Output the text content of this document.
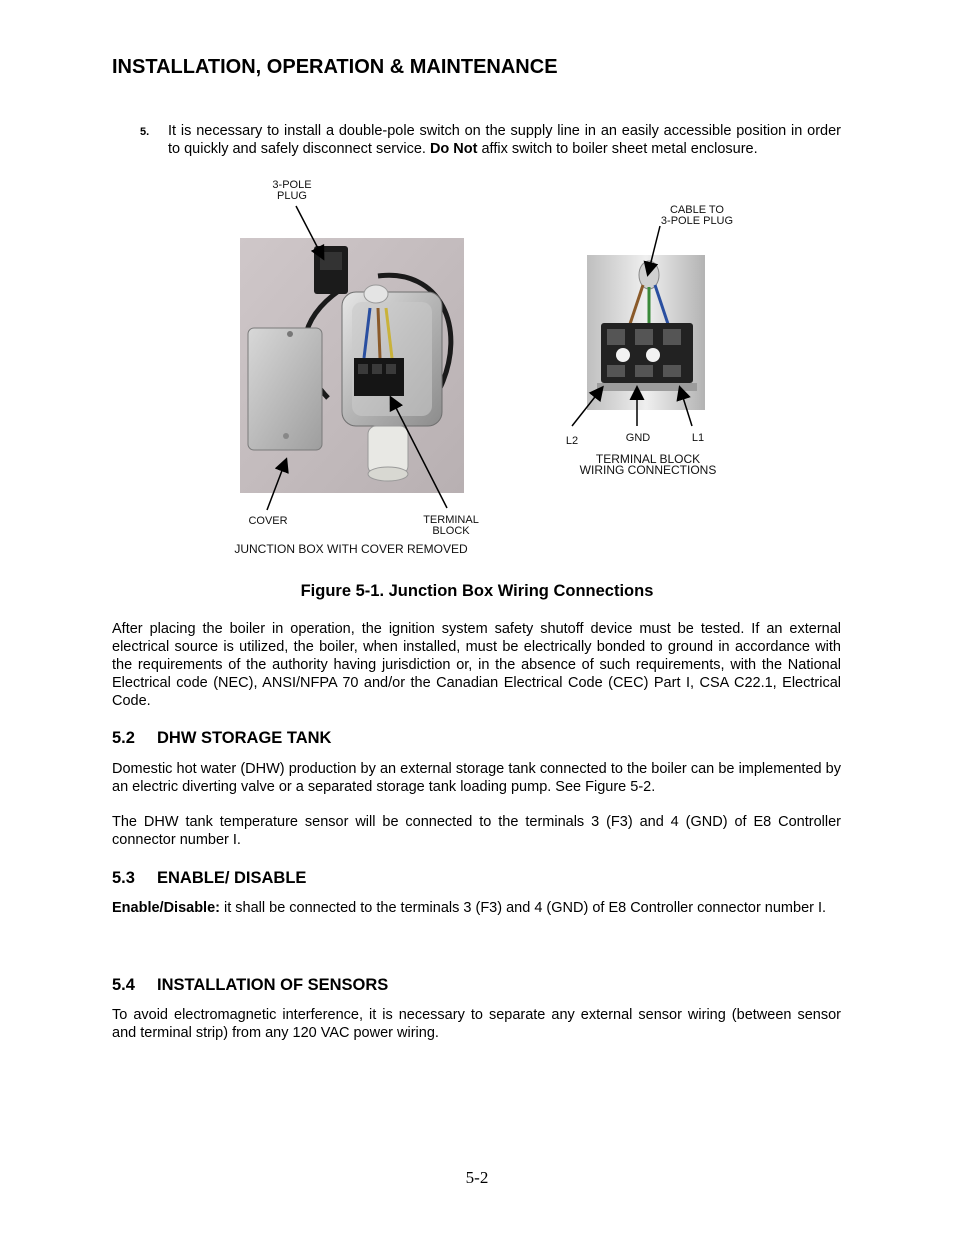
INSTALLATION, OPERATION & MAINTENANCE
5. It is necessary to install a double-pole switch on the supply line in an easily accessible position in order to quickly and safely disconnect service. Do Not affix switch to boiler sheet metal enclosure.
3-POLE
PLUG
COVER	TERMINAL
BLOCK
JUNCTION BOX WITH COVER REMOVED
CABLE TO
3-POLE PLUG
L2	GND	L1
TERMINAL BLOCK
WIRING CONNECTIONS
Figure 5-1. Junction Box Wiring Connections

After placing the boiler in operation, the ignition system safety shutoff device must be tested. If an external electrical source is utilized, the boiler, when installed, must be electrically bonded to ground in accordance with the requirements of the authority having jurisdiction or, in the absence of such requirements, with the National Electrical code (NEC), ANSI/NFPA 70 and/or the Canadian Electrical Code (CEC) Part I, CSA C22.1, Electrical Code.

5.2 DHW STORAGE TANK

Domestic hot water (DHW) production by an external storage tank connected to the boiler can be implemented by an electric diverting valve or a separated storage tank loading pump. See Figure 5-2.

The DHW tank temperature sensor will be connected to the terminals 3 (F3) and 4 (GND) of E8 Controller connector number I.

5.3 ENABLE/ DISABLE

Enable/Disable: it shall be connected to the terminals 3 (F3) and 4 (GND) of E8 Controller connector number I.

5.4 INSTALLATION OF SENSORS

To avoid electromagnetic interference, it is necessary to separate any external sensor wiring (between sensor and terminal strip) from any 120 VAC power wiring.

5-2
